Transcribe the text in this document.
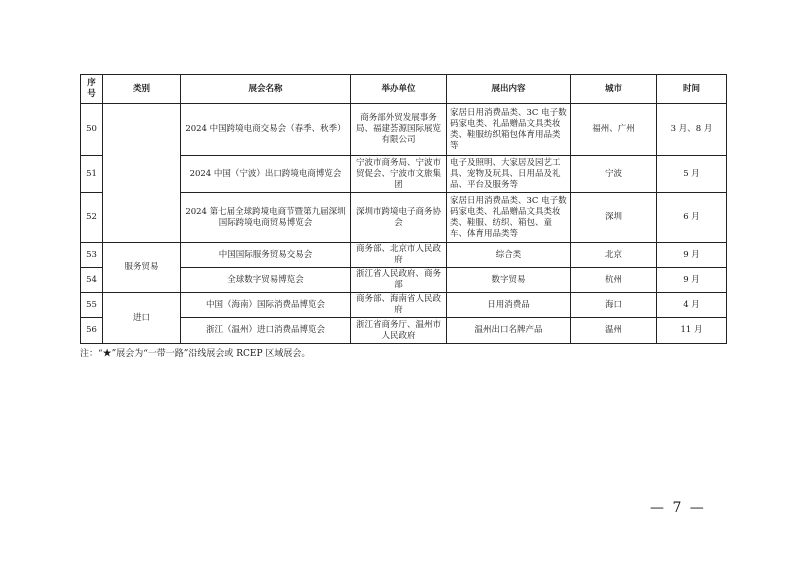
序号	类别	展会名称	举办单位	展出内容	城市	时间
50		2024 中国跨境电商交易会（春季、秋季）	商务部外贸发展事务局、福建荟源国际展览有限公司	家居日用消费品类、3C 电子数码家电类、礼品赠品文具类妆类、鞋服纺织箱包体育用品类等	福州、广州	3 月、8 月
51		2024 中国（宁波）出口跨境电商博览会	宁波市商务局、宁波市贸促会、宁波市文旅集团	电子及照明、大家居及园艺工具、宠物及玩具、日用品及礼品、平台及服务等	宁波	5 月
52		2024 第七届全球跨境电商节暨第九届深圳国际跨境电商贸易博览会	深圳市跨境电子商务协会	家居日用消费品类、3C 电子数码家电类、礼品赠品文具类妆类、鞋服、纺织、箱包、童车、体育用品类等	深圳	6 月
53	服务贸易	中国国际服务贸易交易会	商务部、北京市人民政府	综合类	北京	9 月
54		全球数字贸易博览会	浙江省人民政府、商务部	数字贸易	杭州	9 月
55	进口	中国（海南）国际消费品博览会	商务部、海南省人民政府	日用消费品	海口	4 月
56		浙江（温州）进口消费品博览会	浙江省商务厅、温州市人民政府	温州出口名牌产品	温州	11 月
注：“★”展会为“一带一路”沿线展会或 RCEP 区域展会。
— 7 —
